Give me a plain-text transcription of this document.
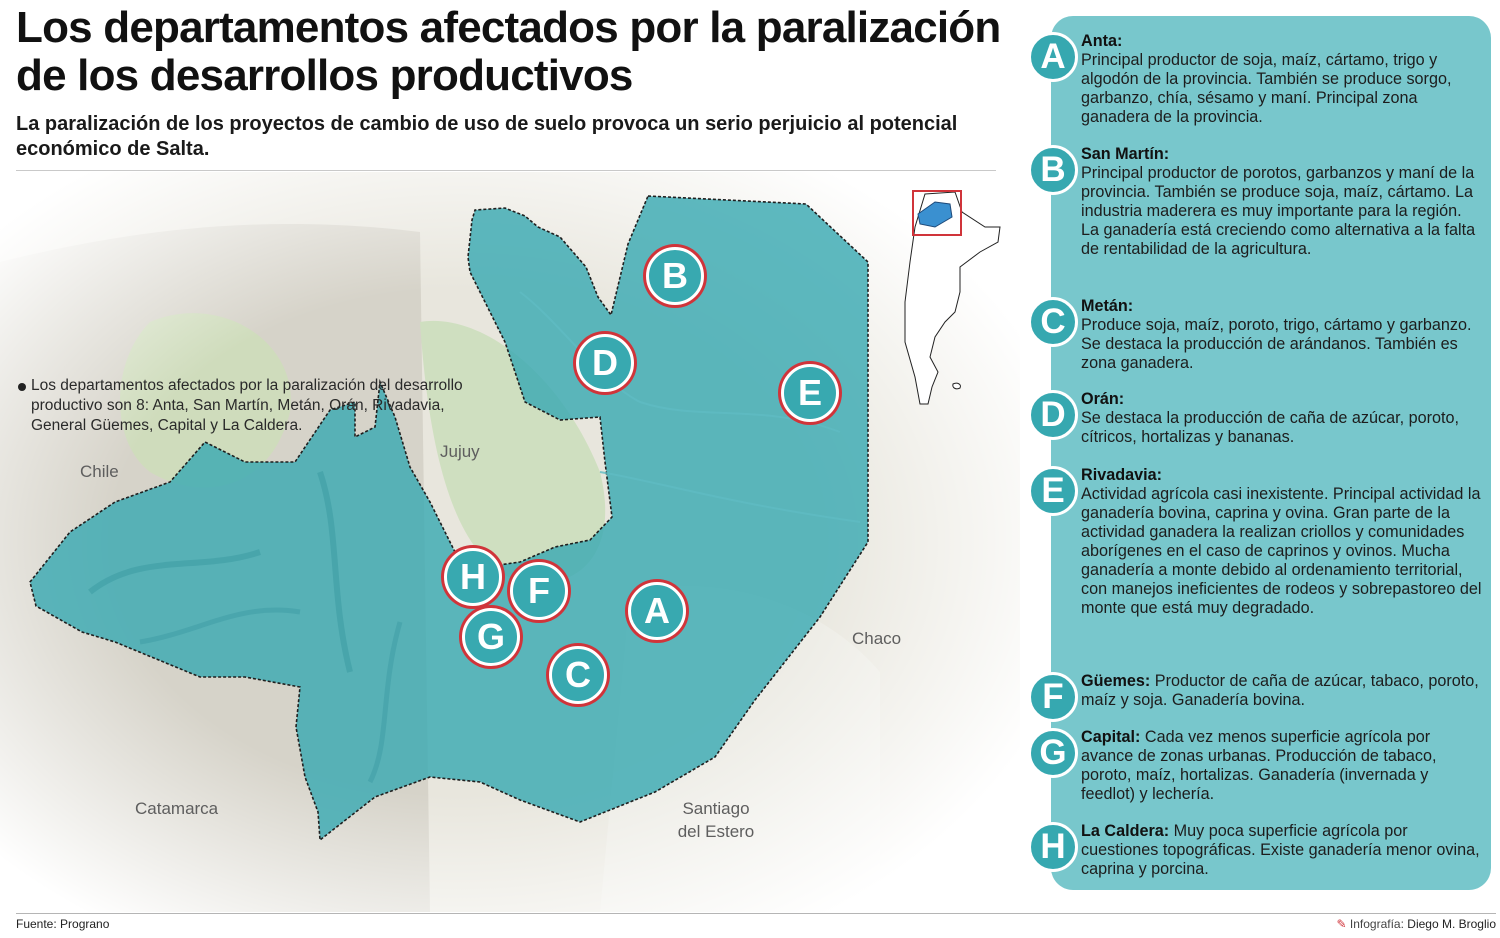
Los departamentos afectados por la paralización de los desarrollos productivos

La paralización de los proyectos de cambio de uso de suelo provoca un serio perjuicio al potencial económico de Salta.

Chile
Jujuy
Chaco
Catamarca	Santiago
del Estero
Los departamentos afectados por la paralización del desarrollo productivo son 8: Anta, San Martín, Metán, Orán, Rivadavia, General Güemes, Capital y La Caldera.
A
B
C
D
E
F
G
H
A Anta:
Principal productor de soja, maíz, cártamo, trigo y algodón de la provincia. También se produce sorgo, garbanzo, chía, sésamo y maní. Principal zona ganadera de la provincia.
B San Martín:
Principal productor de porotos, garbanzos y maní de la provincia. También se produce soja, maíz, cártamo. La industria maderera es muy importante para la región. La ganadería está creciendo como alternativa a la falta de rentabilidad de la agricultura.
C Metán:
Produce soja, maíz, poroto, trigo, cártamo y garbanzo. Se destaca la producción de arándanos. También es zona ganadera.
D Orán:
Se destaca la producción de caña de azúcar, poroto, cítricos, hortalizas y bananas.
E	Rivadavia:
Actividad agrícola casi inexistente. Principal actividad la ganadería bovina, caprina y ovina. Gran parte de la actividad ganadera la realizan criollos y comunidades aborígenes en el caso de caprinos y ovinos. Mucha ganadería a monte debido al ordenamiento territorial, con manejos ineficientes de rodeos y sobrepastoreo del monte que está muy degradado.
F	Güemes: Productor de caña de azúcar, tabaco, poroto, maíz y soja. Ganadería bovina.
G Capital: Cada vez menos superficie agrícola por avance de zonas urbanas. Producción de tabaco, poroto, maíz, hortalizas. Ganadería (invernada y feedlot) y lechería.
H La Caldera: Muy poca superficie agrícola por cuestiones topográficas. Existe ganadería menor ovina, caprina y porcina.
Fuente: Prograno	✎ Infografía: Diego M. Broglio
